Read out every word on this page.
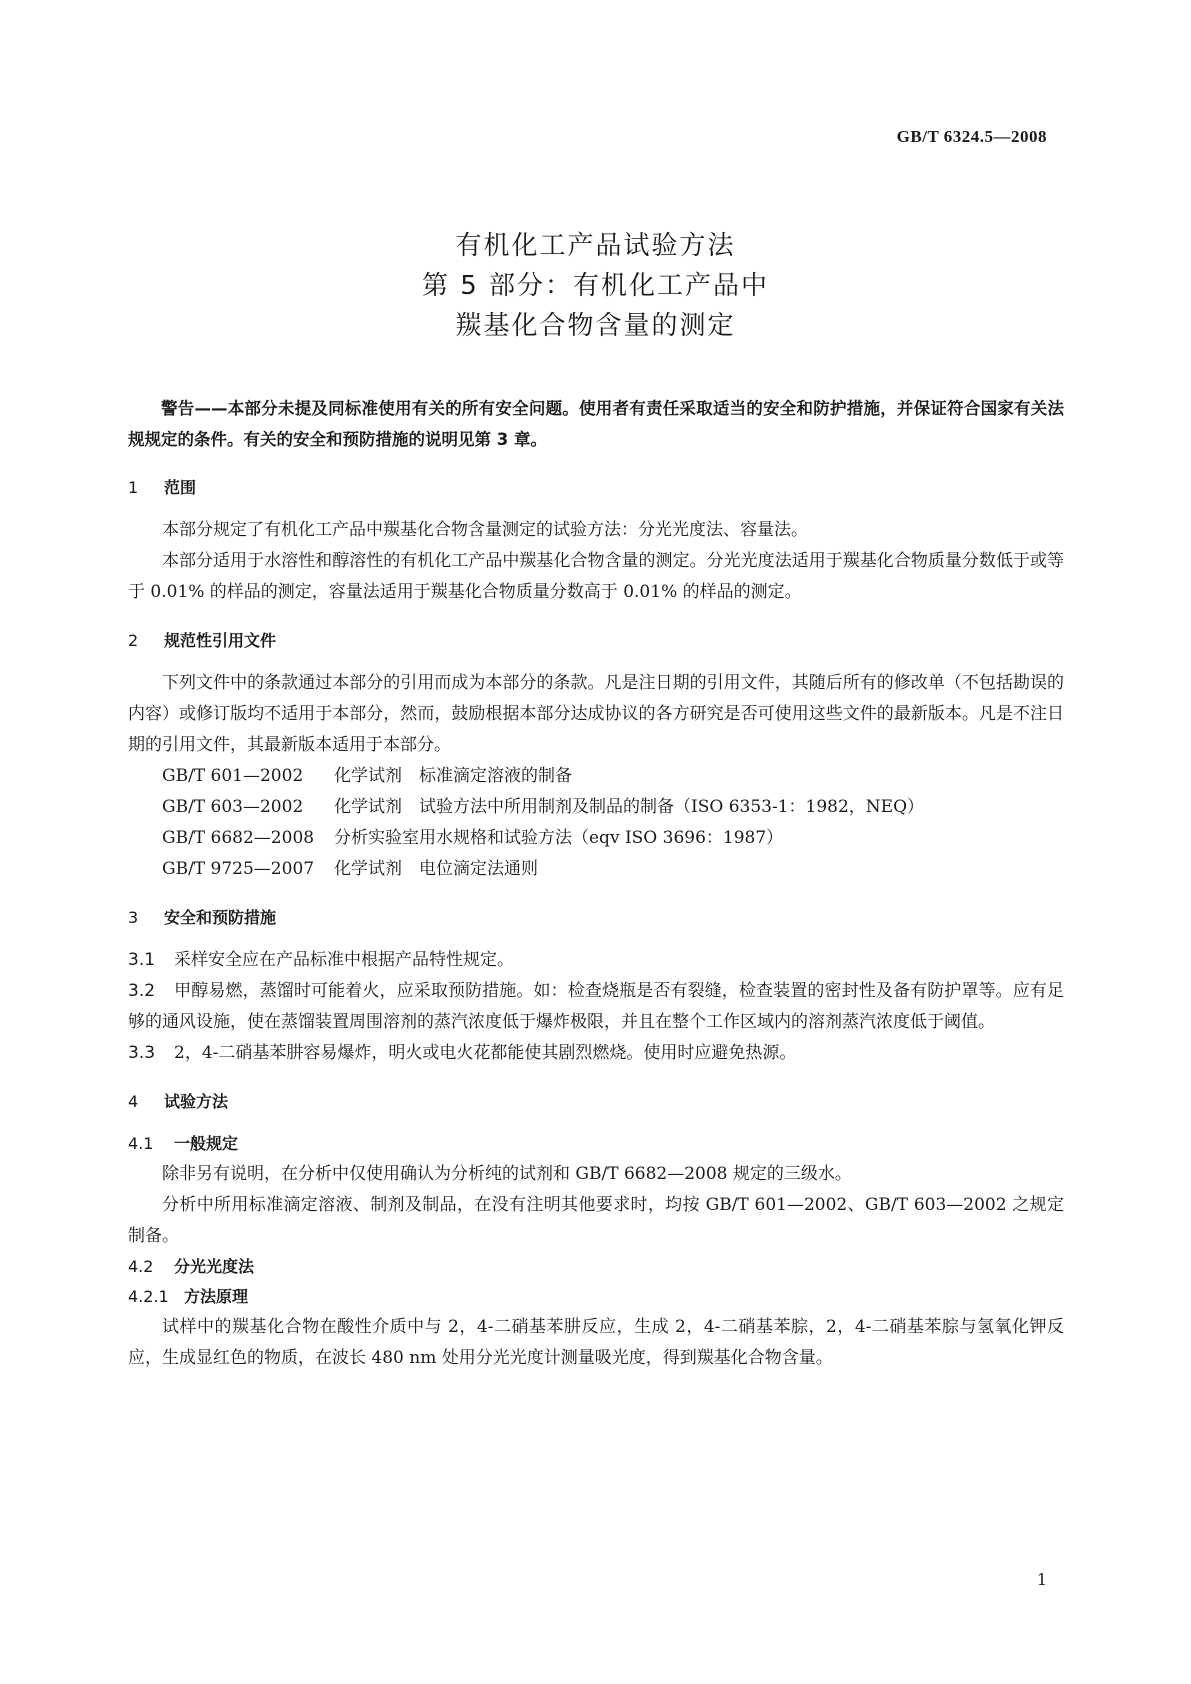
GB/T 6324.5—2008
有机化工产品试验方法
第 5 部分：有机化工产品中
羰基化合物含量的测定

警告——本部分未提及同标准使用有关的所有安全问题。使用者有责任采取适当的安全和防护措施，并保证符合国家有关法规规定的条件。有关的安全和预防措施的说明见第 3 章。

1 范围

本部分规定了有机化工产品中羰基化合物含量测定的试验方法：分光光度法、容量法。

本部分适用于水溶性和醇溶性的有机化工产品中羰基化合物含量的测定。分光光度法适用于羰基化合物质量分数低于或等于 0.01% 的样品的测定，容量法适用于羰基化合物质量分数高于 0.01% 的样品的测定。

2 规范性引用文件

下列文件中的条款通过本部分的引用而成为本部分的条款。凡是注日期的引用文件，其随后所有的修改单（不包括勘误的内容）或修订版均不适用于本部分，然而，鼓励根据本部分达成协议的各方研究是否可使用这些文件的最新版本。凡是不注日期的引用文件，其最新版本适用于本部分。

GB/T 601—2002 化学试剂　标准滴定溶液的制备

GB/T 603—2002 化学试剂　试验方法中所用制剂及制品的制备（ISO 6353-1：1982，NEQ）

GB/T 6682—2008 分析实验室用水规格和试验方法（eqv ISO 3696：1987）

GB/T 9725—2007 化学试剂　电位滴定法通则

3 安全和预防措施

3.1 采样安全应在产品标准中根据产品特性规定。

3.2 甲醇易燃，蒸馏时可能着火，应采取预防措施。如：检查烧瓶是否有裂缝，检查装置的密封性及备有防护罩等。应有足够的通风设施，使在蒸馏装置周围溶剂的蒸汽浓度低于爆炸极限，并且在整个工作区域内的溶剂蒸汽浓度低于阈值。

3.3 2，4-二硝基苯肼容易爆炸，明火或电火花都能使其剧烈燃烧。使用时应避免热源。

4 试验方法
4.1 一般规定

除非另有说明，在分析中仅使用确认为分析纯的试剂和 GB/T 6682—2008 规定的三级水。

分析中所用标准滴定溶液、制剂及制品，在没有注明其他要求时，均按 GB/T 601—2002、GB/T 603—2002 之规定制备。

4.2 分光光度法
4.2.1 方法原理

试样中的羰基化合物在酸性介质中与 2，4-二硝基苯肼反应，生成 2，4-二硝基苯腙，2，4-二硝基苯腙与氢氧化钾反应，生成显红色的物质，在波长 480 nm 处用分光光度计测量吸光度，得到羰基化合物含量。

1
